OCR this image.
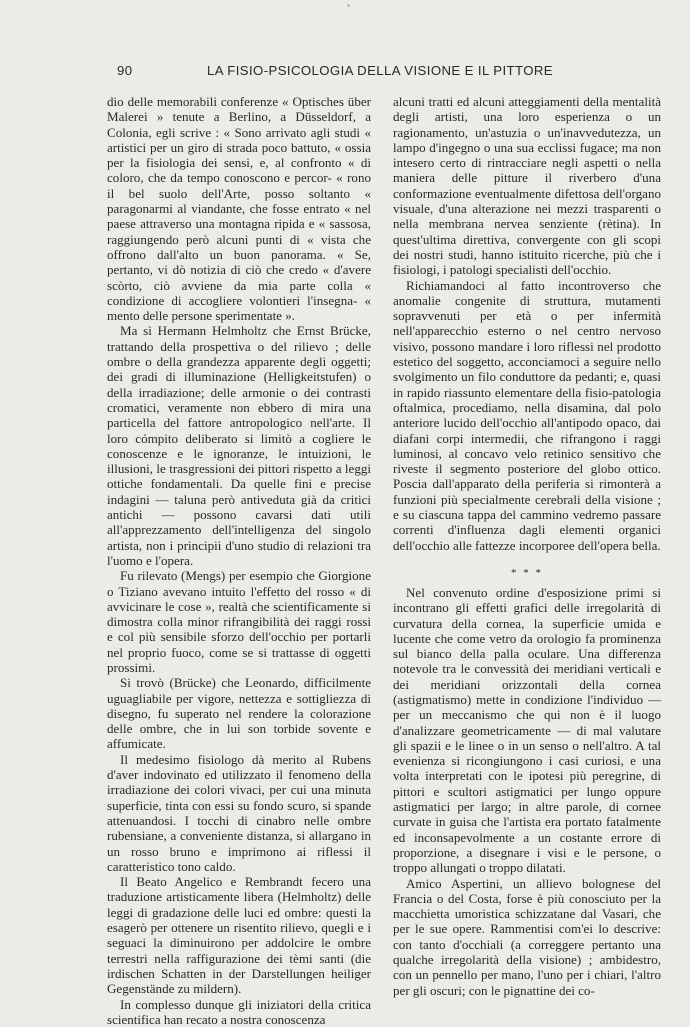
90	LA FISIO-PSICOLOGIA DELLA VISIONE E IL PITTORE

dio delle memorabili conferenze « Optisches über Malerei » tenute a Berlino, a Düsseldorf, a Colonia, egli scrive : « Sono arrivato agli studi « artistici per un giro di strada poco battuto, « ossia per la fisiologia dei sensi, e, al confronto « di coloro, che da tempo conoscono e percor- « rono il bel suolo dell'Arte, posso soltanto « paragonarmi al viandante, che fosse entrato « nel paese attraverso una montagna ripida e « sassosa, raggiungendo però alcuni punti di « vista che offrono dall'alto un buon panorama. « Se, pertanto, vi dò notizia di ciò che credo « d'avere scòrto, ciò avviene da mia parte colla « condizione di accogliere volontieri l'insegna- « mento delle persone sperimentate ».

Ma sì Hermann Helmholtz che Ernst Brücke, trattando della prospettiva o del rilievo ; delle ombre o della grandezza apparente degli oggetti; dei gradi di illuminazione (Helligkeitstufen) o della irradiazione; delle armonie o dei contrasti cromatici, veramente non ebbero di mira una particella del fattore antropologico nell'arte. Il loro cómpito deliberato si limitò a cogliere le conoscenze e le ignoranze, le intuizioni, le illusioni, le trasgressioni dei pittori rispetto a leggi ottiche fondamentali. Da quelle fini e precise indagini — taluna però antiveduta già da critici antichi — possono cavarsi dati utili all'apprezzamento dell'intelligenza del singolo artista, non i principii d'uno studio di relazioni tra l'uomo e l'opera.

Fu rilevato (Mengs) per esempio che Giorgione o Tiziano avevano intuito l'effetto del rosso « di avvicinare le cose », realtà che scientificamente si dimostra colla minor rifrangibilità dei raggi rossi e col più sensibile sforzo dell'occhio per portarli nel proprio fuoco, come se si trattasse di oggetti prossimi.

Si trovò (Brücke) che Leonardo, difficilmente uguagliabile per vigore, nettezza e sottigliezza di disegno, fu superato nel rendere la colorazione delle ombre, che in lui son torbide sovente e affumicate.

Il medesimo fisiologo dà merito al Rubens d'aver indovinato ed utilizzato il fenomeno della irradiazione dei colori vivaci, per cui una minuta superficie, tinta con essi su fondo scuro, si spande attenuandosi. I tocchi di cinabro nelle ombre rubensiane, a conveniente distanza, si allargano in un rosso bruno e imprimono ai riflessi il caratteristico tono caldo.

Il Beato Angelico e Rembrandt fecero una traduzione artisticamente libera (Helmholtz) delle leggi di gradazione delle luci ed ombre: questi la esagerò per ottenere un risentito rilievo, quegli e i seguaci la diminuirono per addolcire le ombre terrestri nella raffigurazione dei tèmi santi (die irdischen Schatten in der Darstellungen heiliger Gegenstände zu mildern).

In complesso dunque gli iniziatori della critica scientifica han recato a nostra conoscenza

alcuni tratti ed alcuni atteggiamenti della mentalità degli artisti, una loro esperienza o un ragionamento, un'astuzia o un'inavvedutezza, un lampo d'ingegno o una sua ecclissi fugace; ma non intesero certo di rintracciare negli aspetti o nella maniera delle pitture il riverbero d'una conformazione eventualmente difettosa dell'organo visuale, d'una alterazione nei mezzi trasparenti o nella membrana nervea senziente (rètina). In quest'ultima direttiva, convergente con gli scopi dei nostri studi, hanno istituito ricerche, più che i fisiologi, i patologi specialisti dell'occhio.

Richiamandoci al fatto incontroverso che anomalie congenite di struttura, mutamenti sopravvenuti per età o per infermità nell'apparecchio esterno o nel centro nervoso visivo, possono mandare i loro riflessi nel prodotto estetico del soggetto, acconciamoci a seguire nello svolgimento un filo conduttore da pedanti; e, quasi in rapido riassunto elementare della fisio-patologia oftalmica, procediamo, nella disamina, dal polo anteriore lucido dell'occhio all'antipodo opaco, dai diafani corpi intermedii, che rifrangono i raggi luminosi, al concavo velo retinico sensitivo che riveste il segmento posteriore del globo ottico. Poscia dall'apparato della periferia si rimonterà a funzioni più specialmente cerebrali della visione ; e su ciascuna tappa del cammino vedremo passare correnti d'influenza dagli elementi organici dell'occhio alle fattezze incorporee dell'opera bella.

* * *

Nel convenuto ordine d'esposizione primi si incontrano gli effetti grafici delle irregolarità di curvatura della cornea, la superficie umida e lucente che come vetro da orologio fa prominenza sul bianco della palla oculare. Una differenza notevole tra le convessità dei meridiani verticali e dei meridiani orizzontali della cornea (astigmatismo) mette in condizione l'individuo — per un meccanismo che qui non è il luogo d'analizzare geometricamente — di mal valutare gli spazii e le linee o in un senso o nell'altro. A tal evenienza si ricongiungono i casi curiosi, e una volta interpretati con le ipotesi più peregrine, di pittori e scultori astigmatici per lungo oppure astigmatici per largo; in altre parole, di cornee curvate in guisa che l'artista era portato fatalmente ed inconsapevolmente a un costante errore di proporzione, a disegnare i visi e le persone, o troppo allungati o troppo dilatati.

Amico Aspertini, un allievo bolognese del Francia o del Costa, forse è più conosciuto per la macchietta umoristica schizzatane dal Vasari, che per le sue opere. Rammentisi com'ei lo descrive: con tanto d'occhiali (a correggere pertanto una qualche irregolarità della visione) ; ambidestro, con un pennello per mano, l'uno per i chiari, l'altro per gli oscuri; con le pignattine dei co-
